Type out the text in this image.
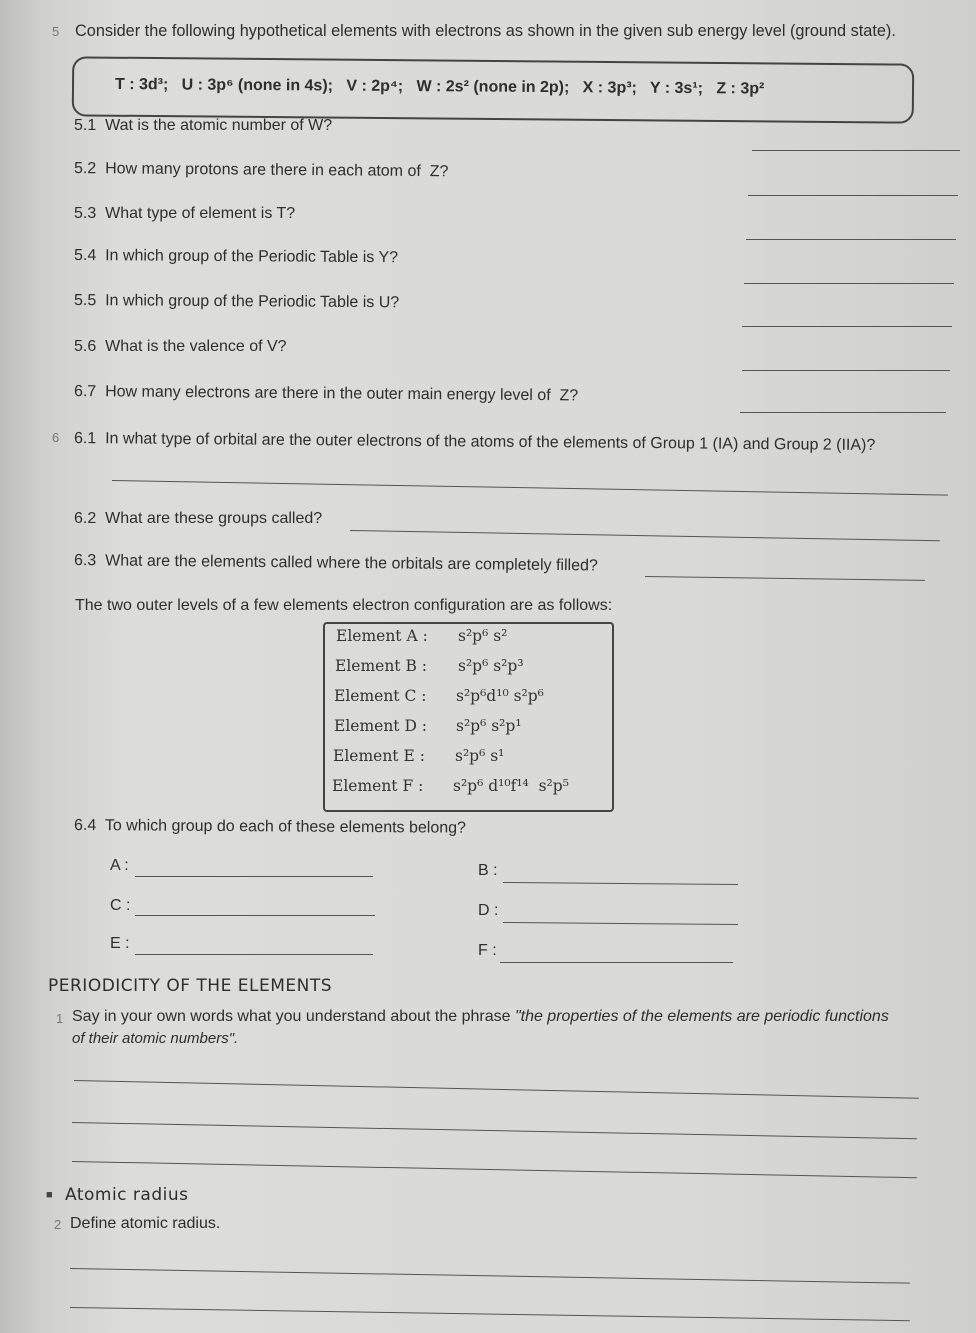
5 Consider the following hypothetical elements with electrons as shown in the given sub energy level (ground state).
T : 3d³;   U : 3p⁶ (none in 4s);   V : 2p⁴;   W : 2s² (none in 2p);   X : 3p³;   Y : 3s¹;   Z : 3p²
5.1  Wat is the atomic number of W?
5.2  How many protons are there in each atom of  Z?
5.3  What type of element is T?
5.4  In which group of the Periodic Table is Y?
5.5  In which group of the Periodic Table is U?
5.6  What is the valence of V?
6.7  How many electrons are there in the outer main energy level of  Z?
6 6.1  In what type of orbital are the outer electrons of the atoms of the elements of Group 1 (IA) and Group 2 (IIA)?
6.2  What are these groups called?
6.3  What are the elements called where the orbitals are completely filled?
The two outer levels of a few elements electron configuration are as follows:
Element A : s²p⁶ s²
Element B : s²p⁶ s²p³
Element C : s²p⁶d¹⁰ s²p⁶
Element D : s²p⁶ s²p¹
Element E : s²p⁶ s¹
Element F : s²p⁶ d¹⁰f¹⁴  s²p⁵
6.4  To which group do each of these elements belong?
A :	B :
C :	D :
E :	F :
PERIODICITY OF THE ELEMENTS
1 Say in your own words what you understand about the phrase "the properties of the elements are periodic functions
of their atomic numbers".
■ Atomic radius
2 Define atomic radius.
